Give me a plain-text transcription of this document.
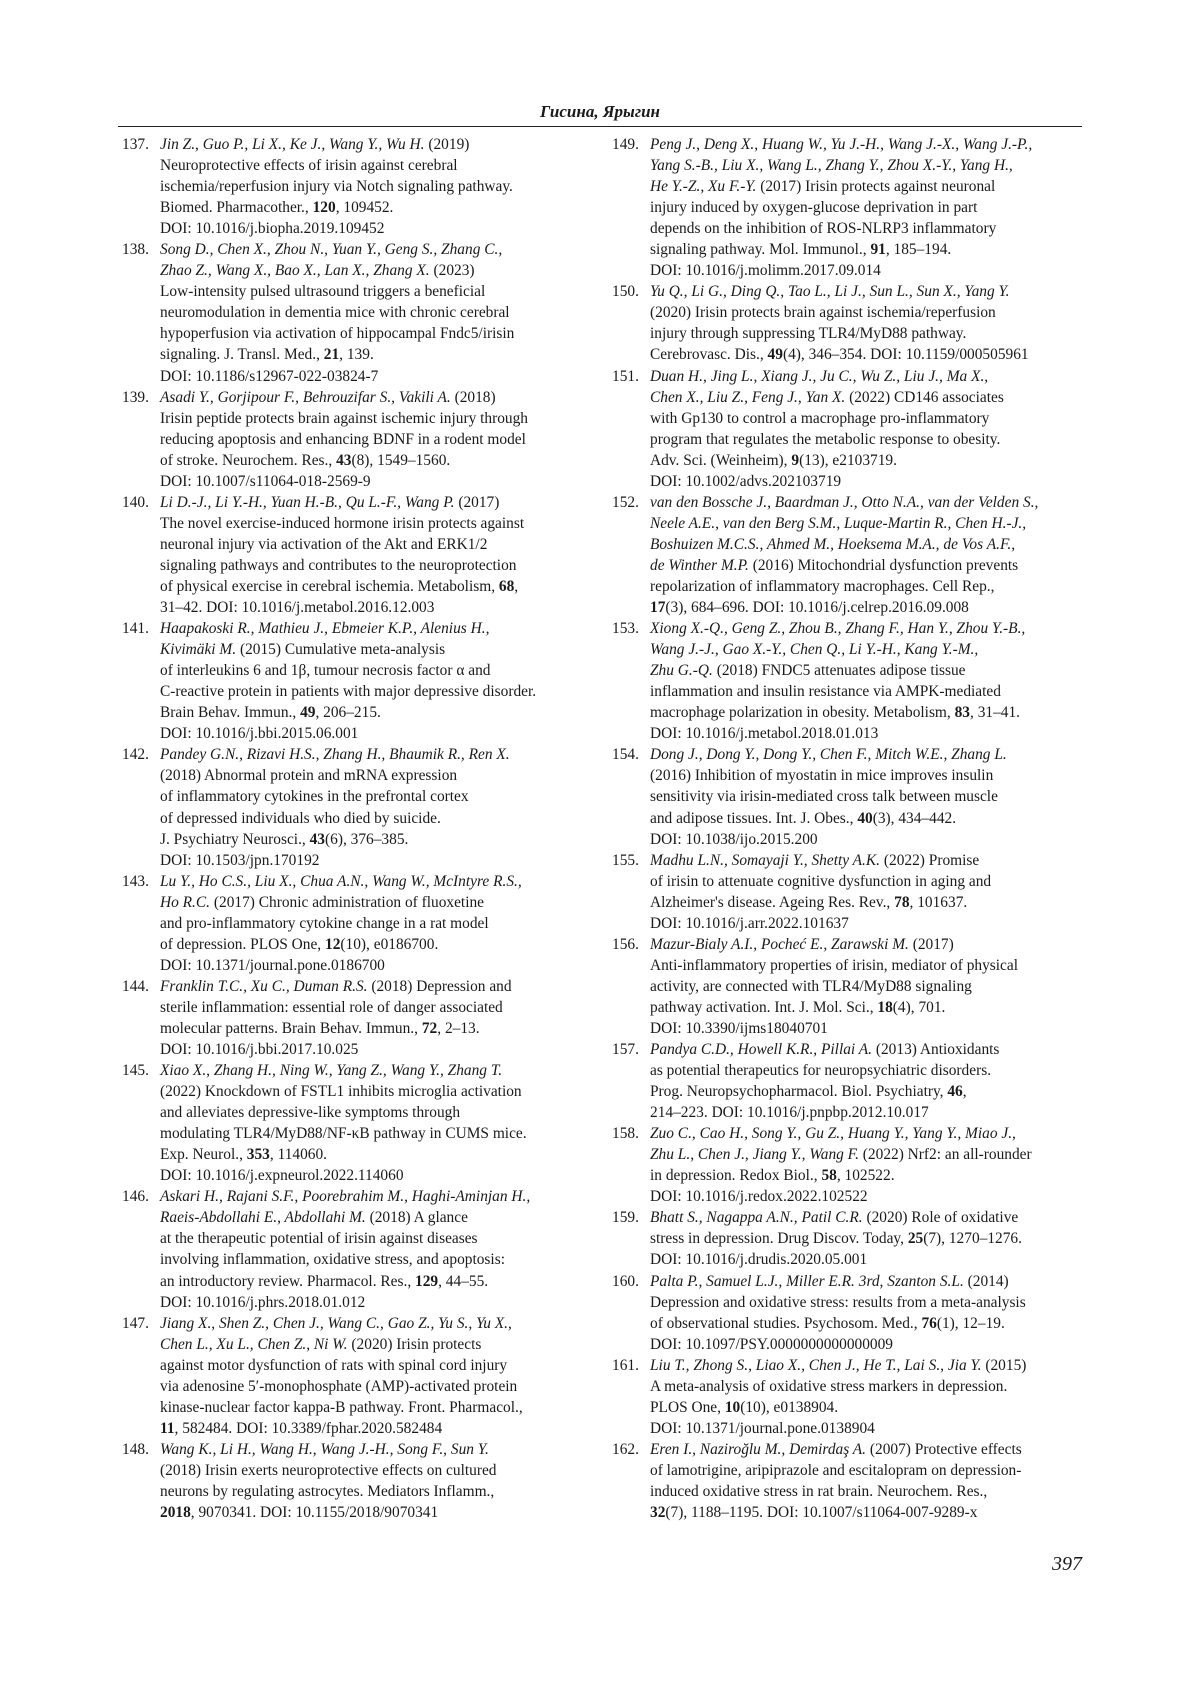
Гисина, Ярыгин
137. Jin Z., Guo P., Li X., Ke J., Wang Y., Wu H. (2019)
Neuroprotective effects of irisin against cerebral
ischemia/reperfusion injury via Notch signaling pathway.
Biomed. Pharmacother., 120, 109452.
DOI: 10.1016/j.biopha.2019.109452
138. Song D., Chen X., Zhou N., Yuan Y., Geng S., Zhang C.,
Zhao Z., Wang X., Bao X., Lan X., Zhang X. (2023)
Low-intensity pulsed ultrasound triggers a beneficial
neuromodulation in dementia mice with chronic cerebral
hypoperfusion via activation of hippocampal Fndc5/irisin
signaling. J. Transl. Med., 21, 139.
DOI: 10.1186/s12967-022-03824-7
139. Asadi Y., Gorjipour F., Behrouzifar S., Vakili A. (2018)
Irisin peptide protects brain against ischemic injury through
reducing apoptosis and enhancing BDNF in a rodent model
of stroke. Neurochem. Res., 43(8), 1549–1560.
DOI: 10.1007/s11064-018-2569-9
140. Li D.-J., Li Y.-H., Yuan H.-B., Qu L.-F., Wang P. (2017)
The novel exercise-induced hormone irisin protects against
neuronal injury via activation of the Akt and ERK1/2
signaling pathways and contributes to the neuroprotection
of physical exercise in cerebral ischemia. Metabolism, 68,
31–42. DOI: 10.1016/j.metabol.2016.12.003
141. Haapakoski R., Mathieu J., Ebmeier K.P., Alenius H.,
Kivimäki M. (2015) Cumulative meta-analysis
of interleukins 6 and 1β, tumour necrosis factor α and
C-reactive protein in patients with major depressive disorder.
Brain Behav. Immun., 49, 206–215.
DOI: 10.1016/j.bbi.2015.06.001
142. Pandey G.N., Rizavi H.S., Zhang H., Bhaumik R., Ren X.
(2018) Abnormal protein and mRNA expression
of inflammatory cytokines in the prefrontal cortex
of depressed individuals who died by suicide.
J. Psychiatry Neurosci., 43(6), 376–385.
DOI: 10.1503/jpn.170192
143. Lu Y., Ho C.S., Liu X., Chua A.N., Wang W., McIntyre R.S.,
Ho R.C. (2017) Chronic administration of fluoxetine
and pro-inflammatory cytokine change in a rat model
of depression. PLOS One, 12(10), e0186700.
DOI: 10.1371/journal.pone.0186700
144. Franklin T.C., Xu C., Duman R.S. (2018) Depression and
sterile inflammation: essential role of danger associated
molecular patterns. Brain Behav. Immun., 72, 2–13.
DOI: 10.1016/j.bbi.2017.10.025
145. Xiao X., Zhang H., Ning W., Yang Z., Wang Y., Zhang T.
(2022) Knockdown of FSTL1 inhibits microglia activation
and alleviates depressive-like symptoms through
modulating TLR4/MyD88/NF-κB pathway in CUMS mice.
Exp. Neurol., 353, 114060.
DOI: 10.1016/j.expneurol.2022.114060
146. Askari H., Rajani S.F., Poorebrahim M., Haghi-Aminjan H.,
Raeis-Abdollahi E., Abdollahi M. (2018) A glance
at the therapeutic potential of irisin against diseases
involving inflammation, oxidative stress, and apoptosis:
an introductory review. Pharmacol. Res., 129, 44–55.
DOI: 10.1016/j.phrs.2018.01.012
147. Jiang X., Shen Z., Chen J., Wang C., Gao Z., Yu S., Yu X.,
Chen L., Xu L., Chen Z., Ni W. (2020) Irisin protects
against motor dysfunction of rats with spinal cord injury
via adenosine 5′-monophosphate (AMP)-activated protein
kinase-nuclear factor kappa-B pathway. Front. Pharmacol.,
11, 582484. DOI: 10.3389/fphar.2020.582484
148. Wang K., Li H., Wang H., Wang J.-H., Song F., Sun Y.
(2018) Irisin exerts neuroprotective effects on cultured
neurons by regulating astrocytes. Mediators Inflamm.,
2018, 9070341. DOI: 10.1155/2018/9070341
149. Peng J., Deng X., Huang W., Yu J.-H., Wang J.-X., Wang J.-P.,
Yang S.-B., Liu X., Wang L., Zhang Y., Zhou X.-Y., Yang H.,
He Y.-Z., Xu F.-Y. (2017) Irisin protects against neuronal
injury induced by oxygen-glucose deprivation in part
depends on the inhibition of ROS-NLRP3 inflammatory
signaling pathway. Mol. Immunol., 91, 185–194.
DOI: 10.1016/j.molimm.2017.09.014
150. Yu Q., Li G., Ding Q., Tao L., Li J., Sun L., Sun X., Yang Y.
(2020) Irisin protects brain against ischemia/reperfusion
injury through suppressing TLR4/MyD88 pathway.
Cerebrovasc. Dis., 49(4), 346–354. DOI: 10.1159/000505961
151. Duan H., Jing L., Xiang J., Ju C., Wu Z., Liu J., Ma X.,
Chen X., Liu Z., Feng J., Yan X. (2022) CD146 associates
with Gp130 to control a macrophage pro-inflammatory
program that regulates the metabolic response to obesity.
Adv. Sci. (Weinheim), 9(13), e2103719.
DOI: 10.1002/advs.202103719
152. van den Bossche J., Baardman J., Otto N.A., van der Velden S.,
Neele A.E., van den Berg S.M., Luque-Martin R., Chen H.-J.,
Boshuizen M.C.S., Ahmed M., Hoeksema M.A., de Vos A.F.,
de Winther M.P. (2016) Mitochondrial dysfunction prevents
repolarization of inflammatory macrophages. Cell Rep.,
17(3), 684–696. DOI: 10.1016/j.celrep.2016.09.008
153. Xiong X.-Q., Geng Z., Zhou B., Zhang F., Han Y., Zhou Y.-B.,
Wang J.-J., Gao X.-Y., Chen Q., Li Y.-H., Kang Y.-M.,
Zhu G.-Q. (2018) FNDC5 attenuates adipose tissue
inflammation and insulin resistance via AMPK-mediated
macrophage polarization in obesity. Metabolism, 83, 31–41.
DOI: 10.1016/j.metabol.2018.01.013
154. Dong J., Dong Y., Dong Y., Chen F., Mitch W.E., Zhang L.
(2016) Inhibition of myostatin in mice improves insulin
sensitivity via irisin-mediated cross talk between muscle
and adipose tissues. Int. J. Obes., 40(3), 434–442.
DOI: 10.1038/ijo.2015.200
155. Madhu L.N., Somayaji Y., Shetty A.K. (2022) Promise
of irisin to attenuate cognitive dysfunction in aging and
Alzheimer's disease. Ageing Res. Rev., 78, 101637.
DOI: 10.1016/j.arr.2022.101637
156. Mazur-Bialy A.I., Pocheć E., Zarawski M. (2017)
Anti-inflammatory properties of irisin, mediator of physical
activity, are connected with TLR4/MyD88 signaling
pathway activation. Int. J. Mol. Sci., 18(4), 701.
DOI: 10.3390/ijms18040701
157. Pandya C.D., Howell K.R., Pillai A. (2013) Antioxidants
as potential therapeutics for neuropsychiatric disorders.
Prog. Neuropsychopharmacol. Biol. Psychiatry, 46,
214–223. DOI: 10.1016/j.pnpbp.2012.10.017
158. Zuo C., Cao H., Song Y., Gu Z., Huang Y., Yang Y., Miao J.,
Zhu L., Chen J., Jiang Y., Wang F. (2022) Nrf2: an all-rounder
in depression. Redox Biol., 58, 102522.
DOI: 10.1016/j.redox.2022.102522
159. Bhatt S., Nagappa A.N., Patil C.R. (2020) Role of oxidative
stress in depression. Drug Discov. Today, 25(7), 1270–1276.
DOI: 10.1016/j.drudis.2020.05.001
160. Palta P., Samuel L.J., Miller E.R. 3rd, Szanton S.L. (2014)
Depression and oxidative stress: results from a meta-analysis
of observational studies. Psychosom. Med., 76(1), 12–19.
DOI: 10.1097/PSY.0000000000000009
161. Liu T., Zhong S., Liao X., Chen J., He T., Lai S., Jia Y. (2015)
A meta-analysis of oxidative stress markers in depression.
PLOS One, 10(10), e0138904.
DOI: 10.1371/journal.pone.0138904
162. Eren I., Naziroğlu M., Demirdaş A. (2007) Protective effects
of lamotrigine, aripiprazole and escitalopram on depression-
induced oxidative stress in rat brain. Neurochem. Res.,
32(7), 1188–1195. DOI: 10.1007/s11064-007-9289-x
397
